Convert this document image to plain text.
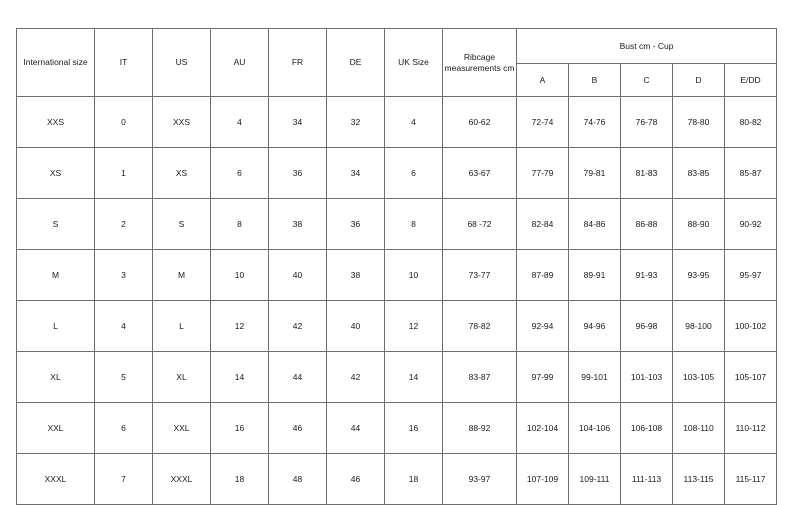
International size	IT	US	AU	FR	DE	UK Size	Ribcage measurements cm	Bust cm - Cup				
								A	B	C	D	E/DD
XXS	0	XXS	4	34	32	4	60-62	72-74	74-76	76-78	78-80	80-82
XS	1	XS	6	36	34	6	63-67	77-79	79-81	81-83	83-85	85-87
S	2	S	8	38	36	8	68 -72	82-84	84-86	86-88	88-90	90-92
M	3	M	10	40	38	10	73-77	87-89	89-91	91-93	93-95	95-97
L	4	L	12	42	40	12	78-82	92-94	94-96	96-98	98-100	100-102
XL	5	XL	14	44	42	14	83-87	97-99	99-101	101-103	103-105	105-107
XXL	6	XXL	16	46	44	16	88-92	102-104	104-106	106-108	108-110	110-112
XXXL	7	XXXL	18	48	46	18	93-97	107-109	109-111	111-113	113-115	115-117
